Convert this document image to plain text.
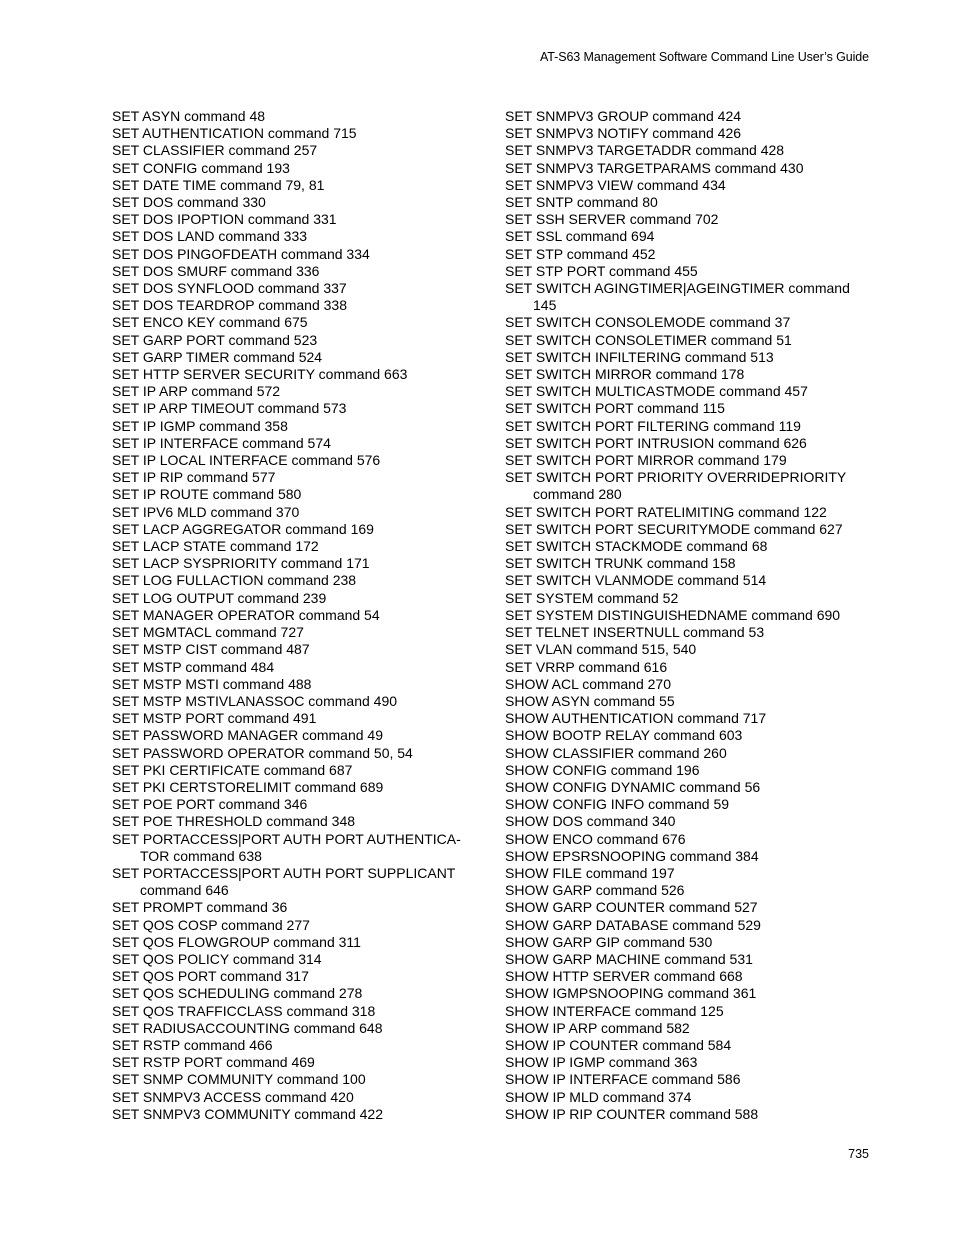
AT-S63 Management Software Command Line User’s Guide
SET ASYN command 48
SET AUTHENTICATION command 715
SET CLASSIFIER command 257
SET CONFIG command 193
SET DATE TIME command 79, 81
SET DOS command 330
SET DOS IPOPTION command 331
SET DOS LAND command 333
SET DOS PINGOFDEATH command 334
SET DOS SMURF command 336
SET DOS SYNFLOOD command 337
SET DOS TEARDROP command 338
SET ENCO KEY command 675
SET GARP PORT command 523
SET GARP TIMER command 524
SET HTTP SERVER SECURITY command 663
SET IP ARP command 572
SET IP ARP TIMEOUT command 573
SET IP IGMP command 358
SET IP INTERFACE command 574
SET IP LOCAL INTERFACE command 576
SET IP RIP command 577
SET IP ROUTE command 580
SET IPV6 MLD command 370
SET LACP AGGREGATOR command 169
SET LACP STATE command 172
SET LACP SYSPRIORITY command 171
SET LOG FULLACTION command 238
SET LOG OUTPUT command 239
SET MANAGER OPERATOR command 54
SET MGMTACL command 727
SET MSTP CIST command 487
SET MSTP command 484
SET MSTP MSTI command 488
SET MSTP MSTIVLANASSOC command 490
SET MSTP PORT command 491
SET PASSWORD MANAGER command 49
SET PASSWORD OPERATOR command 50, 54
SET PKI CERTIFICATE command 687
SET PKI CERTSTORELIMIT command 689
SET POE PORT command 346
SET POE THRESHOLD command 348
SET PORTACCESS|PORT AUTH PORT AUTHENTICA-TOR command 638
SET PORTACCESS|PORT AUTH PORT SUPPLICANT command 646
SET PROMPT command 36
SET QOS COSP command 277
SET QOS FLOWGROUP command 311
SET QOS POLICY command 314
SET QOS PORT command 317
SET QOS SCHEDULING command 278
SET QOS TRAFFICCLASS command 318
SET RADIUSACCOUNTING command 648
SET RSTP command 466
SET RSTP PORT command 469
SET SNMP COMMUNITY command 100
SET SNMPV3 ACCESS command 420
SET SNMPV3 COMMUNITY command 422
SET SNMPV3 GROUP command 424
SET SNMPV3 NOTIFY command 426
SET SNMPV3 TARGETADDR command 428
SET SNMPV3 TARGETPARAMS command 430
SET SNMPV3 VIEW command 434
SET SNTP command 80
SET SSH SERVER command 702
SET SSL command 694
SET STP command 452
SET STP PORT command 455
SET SWITCH AGINGTIMER|AGEINGTIMER command 145
SET SWITCH CONSOLEMODE command 37
SET SWITCH CONSOLETIMER command 51
SET SWITCH INFILTERING command 513
SET SWITCH MIRROR command 178
SET SWITCH MULTICASTMODE command 457
SET SWITCH PORT command 115
SET SWITCH PORT FILTERING command 119
SET SWITCH PORT INTRUSION command 626
SET SWITCH PORT MIRROR command 179
SET SWITCH PORT PRIORITY OVERRIDEPRIORITY command 280
SET SWITCH PORT RATELIMITING command 122
SET SWITCH PORT SECURITYMODE command 627
SET SWITCH STACKMODE command 68
SET SWITCH TRUNK command 158
SET SWITCH VLANMODE command 514
SET SYSTEM command 52
SET SYSTEM DISTINGUISHEDNAME command 690
SET TELNET INSERTNULL command 53
SET VLAN command 515, 540
SET VRRP command 616
SHOW ACL command 270
SHOW ASYN command 55
SHOW AUTHENTICATION command 717
SHOW BOOTP RELAY command 603
SHOW CLASSIFIER command 260
SHOW CONFIG command 196
SHOW CONFIG DYNAMIC command 56
SHOW CONFIG INFO command 59
SHOW DOS command 340
SHOW ENCO command 676
SHOW EPSRSNOOPING command 384
SHOW FILE command 197
SHOW GARP command 526
SHOW GARP COUNTER command 527
SHOW GARP DATABASE command 529
SHOW GARP GIP command 530
SHOW GARP MACHINE command 531
SHOW HTTP SERVER command 668
SHOW IGMPSNOOPING command 361
SHOW INTERFACE command 125
SHOW IP ARP command 582
SHOW IP COUNTER command 584
SHOW IP IGMP command 363
SHOW IP INTERFACE command 586
SHOW IP MLD command 374
SHOW IP RIP COUNTER command 588
735
